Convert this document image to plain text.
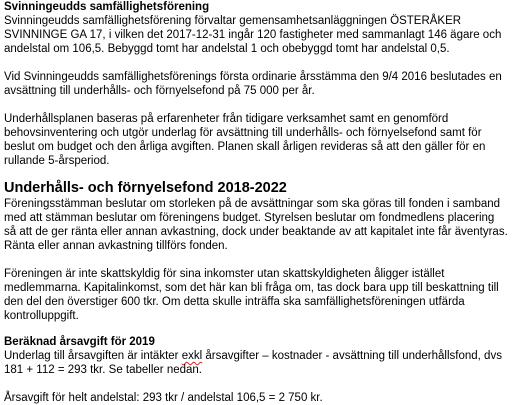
Svinningeudds samfällighetsförening
Svinningeudds samfällighetsförening förvaltar gemensamhetsanläggningen ÖSTERÅKER
SVINNINGE GA 17, i vilken det 2017-12-31 ingår 120 fastigheter med sammanlagt 146 ägare och
andelstal om 106,5. Bebyggd tomt har andelstal 1 och obebyggd tomt har andelstal 0,5.
Vid Svinningeudds samfällighetsförenings första ordinarie årsstämma den 9/4 2016 beslutades en
avsättning till underhålls- och förnyelsefond på 75 000 per år.
Underhållsplanen baseras på erfarenheter från tidigare verksamhet samt en genomförd
behovsinventering och utgör underlag för avsättning till underhålls- och förnyelsefond samt för
beslut om budget och den årliga avgiften. Planen skall årligen revideras så att den gäller för en
rullande 5-årsperiod.
Underhålls- och förnyelsefond 2018-2022
Föreningsstämman beslutar om storleken på de avsättningar som ska göras till fonden i samband
med att stämman beslutar om föreningens budget. Styrelsen beslutar om fondmedlens placering
så att de ger ränta eller annan avkastning, dock under beaktande av att kapitalet inte får äventyras.
Ränta eller annan avkastning tillförs fonden.
Föreningen är inte skattskyldig för sina inkomster utan skattskyldigheten åligger istället
medlemmarna. Kapitalinkomst, som det här kan bli fråga om, tas dock bara upp till beskattning till
den del den överstiger 600 tkr. Om detta skulle inträffa ska samfällighetsföreningen utfärda
kontrolluppgift.
Beräknad årsavgift för 2019
Underlag till årsavgiften är intäkter exkl årsavgifter – kostnader - avsättning till underhållsfond, dvs
181 + 112 = 293 tkr. Se tabeller nedan.
Årsavgift för helt andelstal: 293 tkr / andelstal 106,5 = 2 750 kr.
